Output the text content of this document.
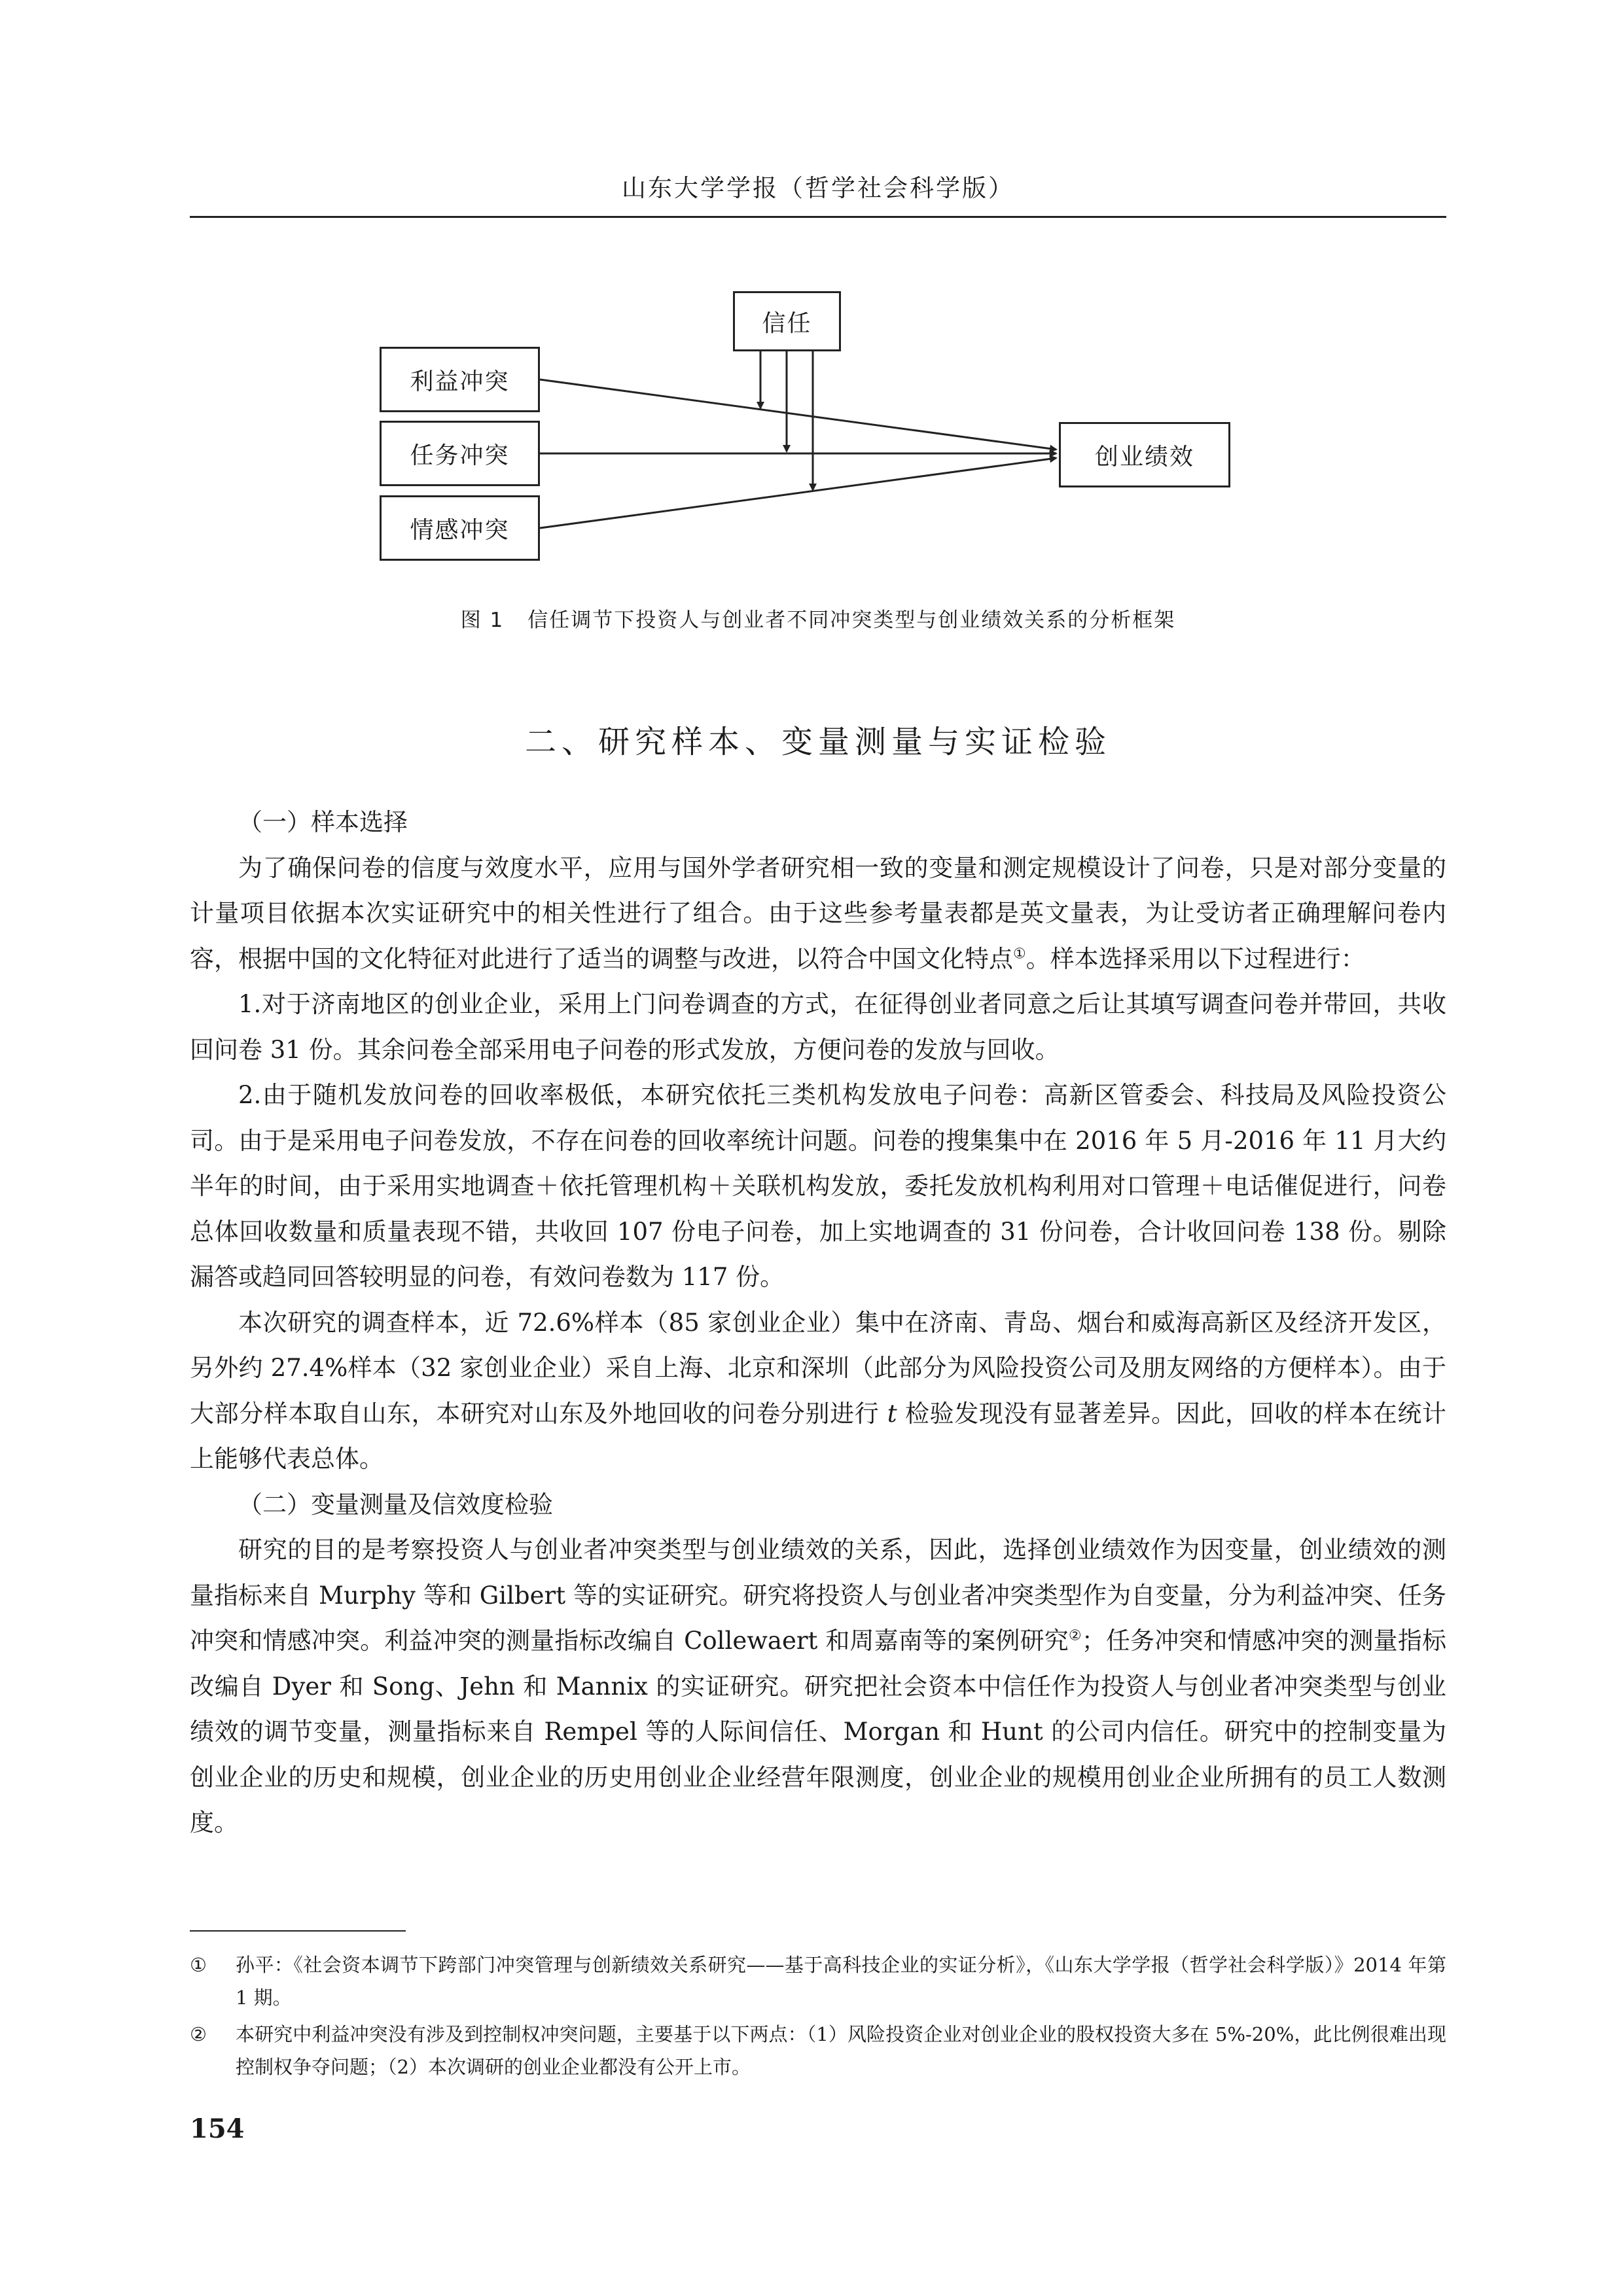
山东大学学报（哲学社会科学版）
信任
利益冲突
任务冲突
情感冲突
创业绩效
图 1 信任调节下投资人与创业者不同冲突类型与创业绩效关系的分析框架
二、研究样本、变量测量与实证检验

（一）样本选择

为了确保问卷的信度与效度水平，应用与国外学者研究相一致的变量和测定规模设计了问卷，只是对部分变量的计量项目依据本次实证研究中的相关性进行了组合。由于这些参考量表都是英文量表，为让受访者正确理解问卷内容，根据中国的文化特征对此进行了适当的调整与改进，以符合中国文化特点①。样本选择采用以下过程进行：

1.对于济南地区的创业企业，采用上门问卷调查的方式，在征得创业者同意之后让其填写调查问卷并带回，共收回问卷 31 份。其余问卷全部采用电子问卷的形式发放，方便问卷的发放与回收。

2.由于随机发放问卷的回收率极低，本研究依托三类机构发放电子问卷：高新区管委会、科技局及风险投资公司。由于是采用电子问卷发放，不存在问卷的回收率统计问题。问卷的搜集集中在 2016 年 5 月-2016 年 11 月大约半年的时间，由于采用实地调查＋依托管理机构＋关联机构发放，委托发放机构利用对口管理＋电话催促进行，问卷总体回收数量和质量表现不错，共收回 107 份电子问卷，加上实地调查的 31 份问卷，合计收回问卷 138 份。剔除漏答或趋同回答较明显的问卷，有效问卷数为 117 份。

本次研究的调查样本，近 72.6%样本（85 家创业企业）集中在济南、青岛、烟台和威海高新区及经济开发区，另外约 27.4%样本（32 家创业企业）采自上海、北京和深圳（此部分为风险投资公司及朋友网络的方便样本）。由于大部分样本取自山东，本研究对山东及外地回收的问卷分别进行 t 检验发现没有显著差异。因此，回收的样本在统计上能够代表总体。

（二）变量测量及信效度检验

研究的目的是考察投资人与创业者冲突类型与创业绩效的关系，因此，选择创业绩效作为因变量，创业绩效的测量指标来自 Murphy 等和 Gilbert 等的实证研究。研究将投资人与创业者冲突类型作为自变量，分为利益冲突、任务冲突和情感冲突。利益冲突的测量指标改编自 Collewaert 和周嘉南等的案例研究②；任务冲突和情感冲突的测量指标改编自 Dyer 和 Song、Jehn 和 Mannix 的实证研究。研究把社会资本中信任作为投资人与创业者冲突类型与创业绩效的调节变量，测量指标来自 Rempel 等的人际间信任、Morgan 和 Hunt 的公司内信任。研究中的控制变量为创业企业的历史和规模，创业企业的历史用创业企业经营年限测度，创业企业的规模用创业企业所拥有的员工人数测度。

①	孙平：《社会资本调节下跨部门冲突管理与创新绩效关系研究——基于高科技企业的实证分析》，《山东大学学报（哲学社会科学版）》2014 年第 1 期。
②	本研究中利益冲突没有涉及到控制权冲突问题，主要基于以下两点：（1）风险投资企业对创业企业的股权投资大多在 5%-20%，此比例很难出现控制权争夺问题；（2）本次调研的创业企业都没有公开上市。
154
